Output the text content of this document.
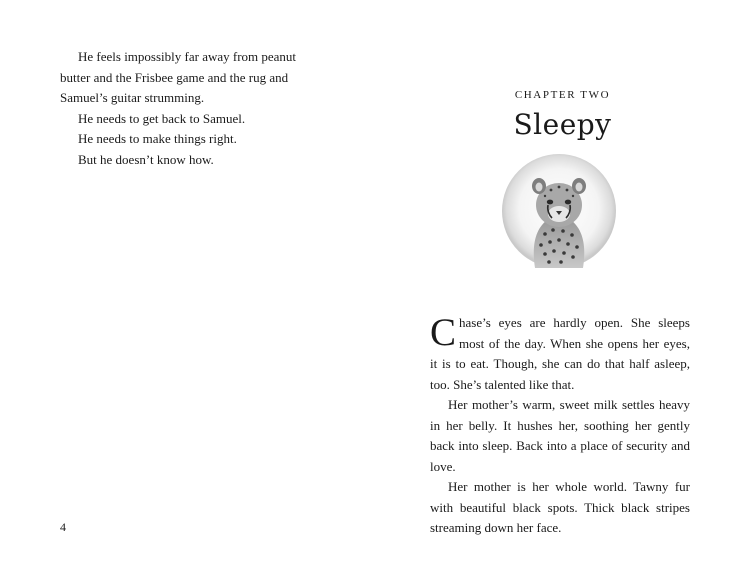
He feels impossibly far away from peanut butter and the Frisbee game and the rug and Samuel’s guitar strumming.

He needs to get back to Samuel.

He needs to make things right.

But he doesn’t know how.

4
CHAPTER TWO
Sleepy

Chase’s eyes are hardly open. She sleeps most of the day. When she opens her eyes, it is to eat. Though, she can do that half asleep, too. She’s talented like that.

Her mother’s warm, sweet milk settles heavy in her belly. It hushes her, soothing her gently back into sleep. Back into a place of security and love.

Her mother is her whole world. Tawny fur with beautiful black spots. Thick black stripes streaming down her face.
